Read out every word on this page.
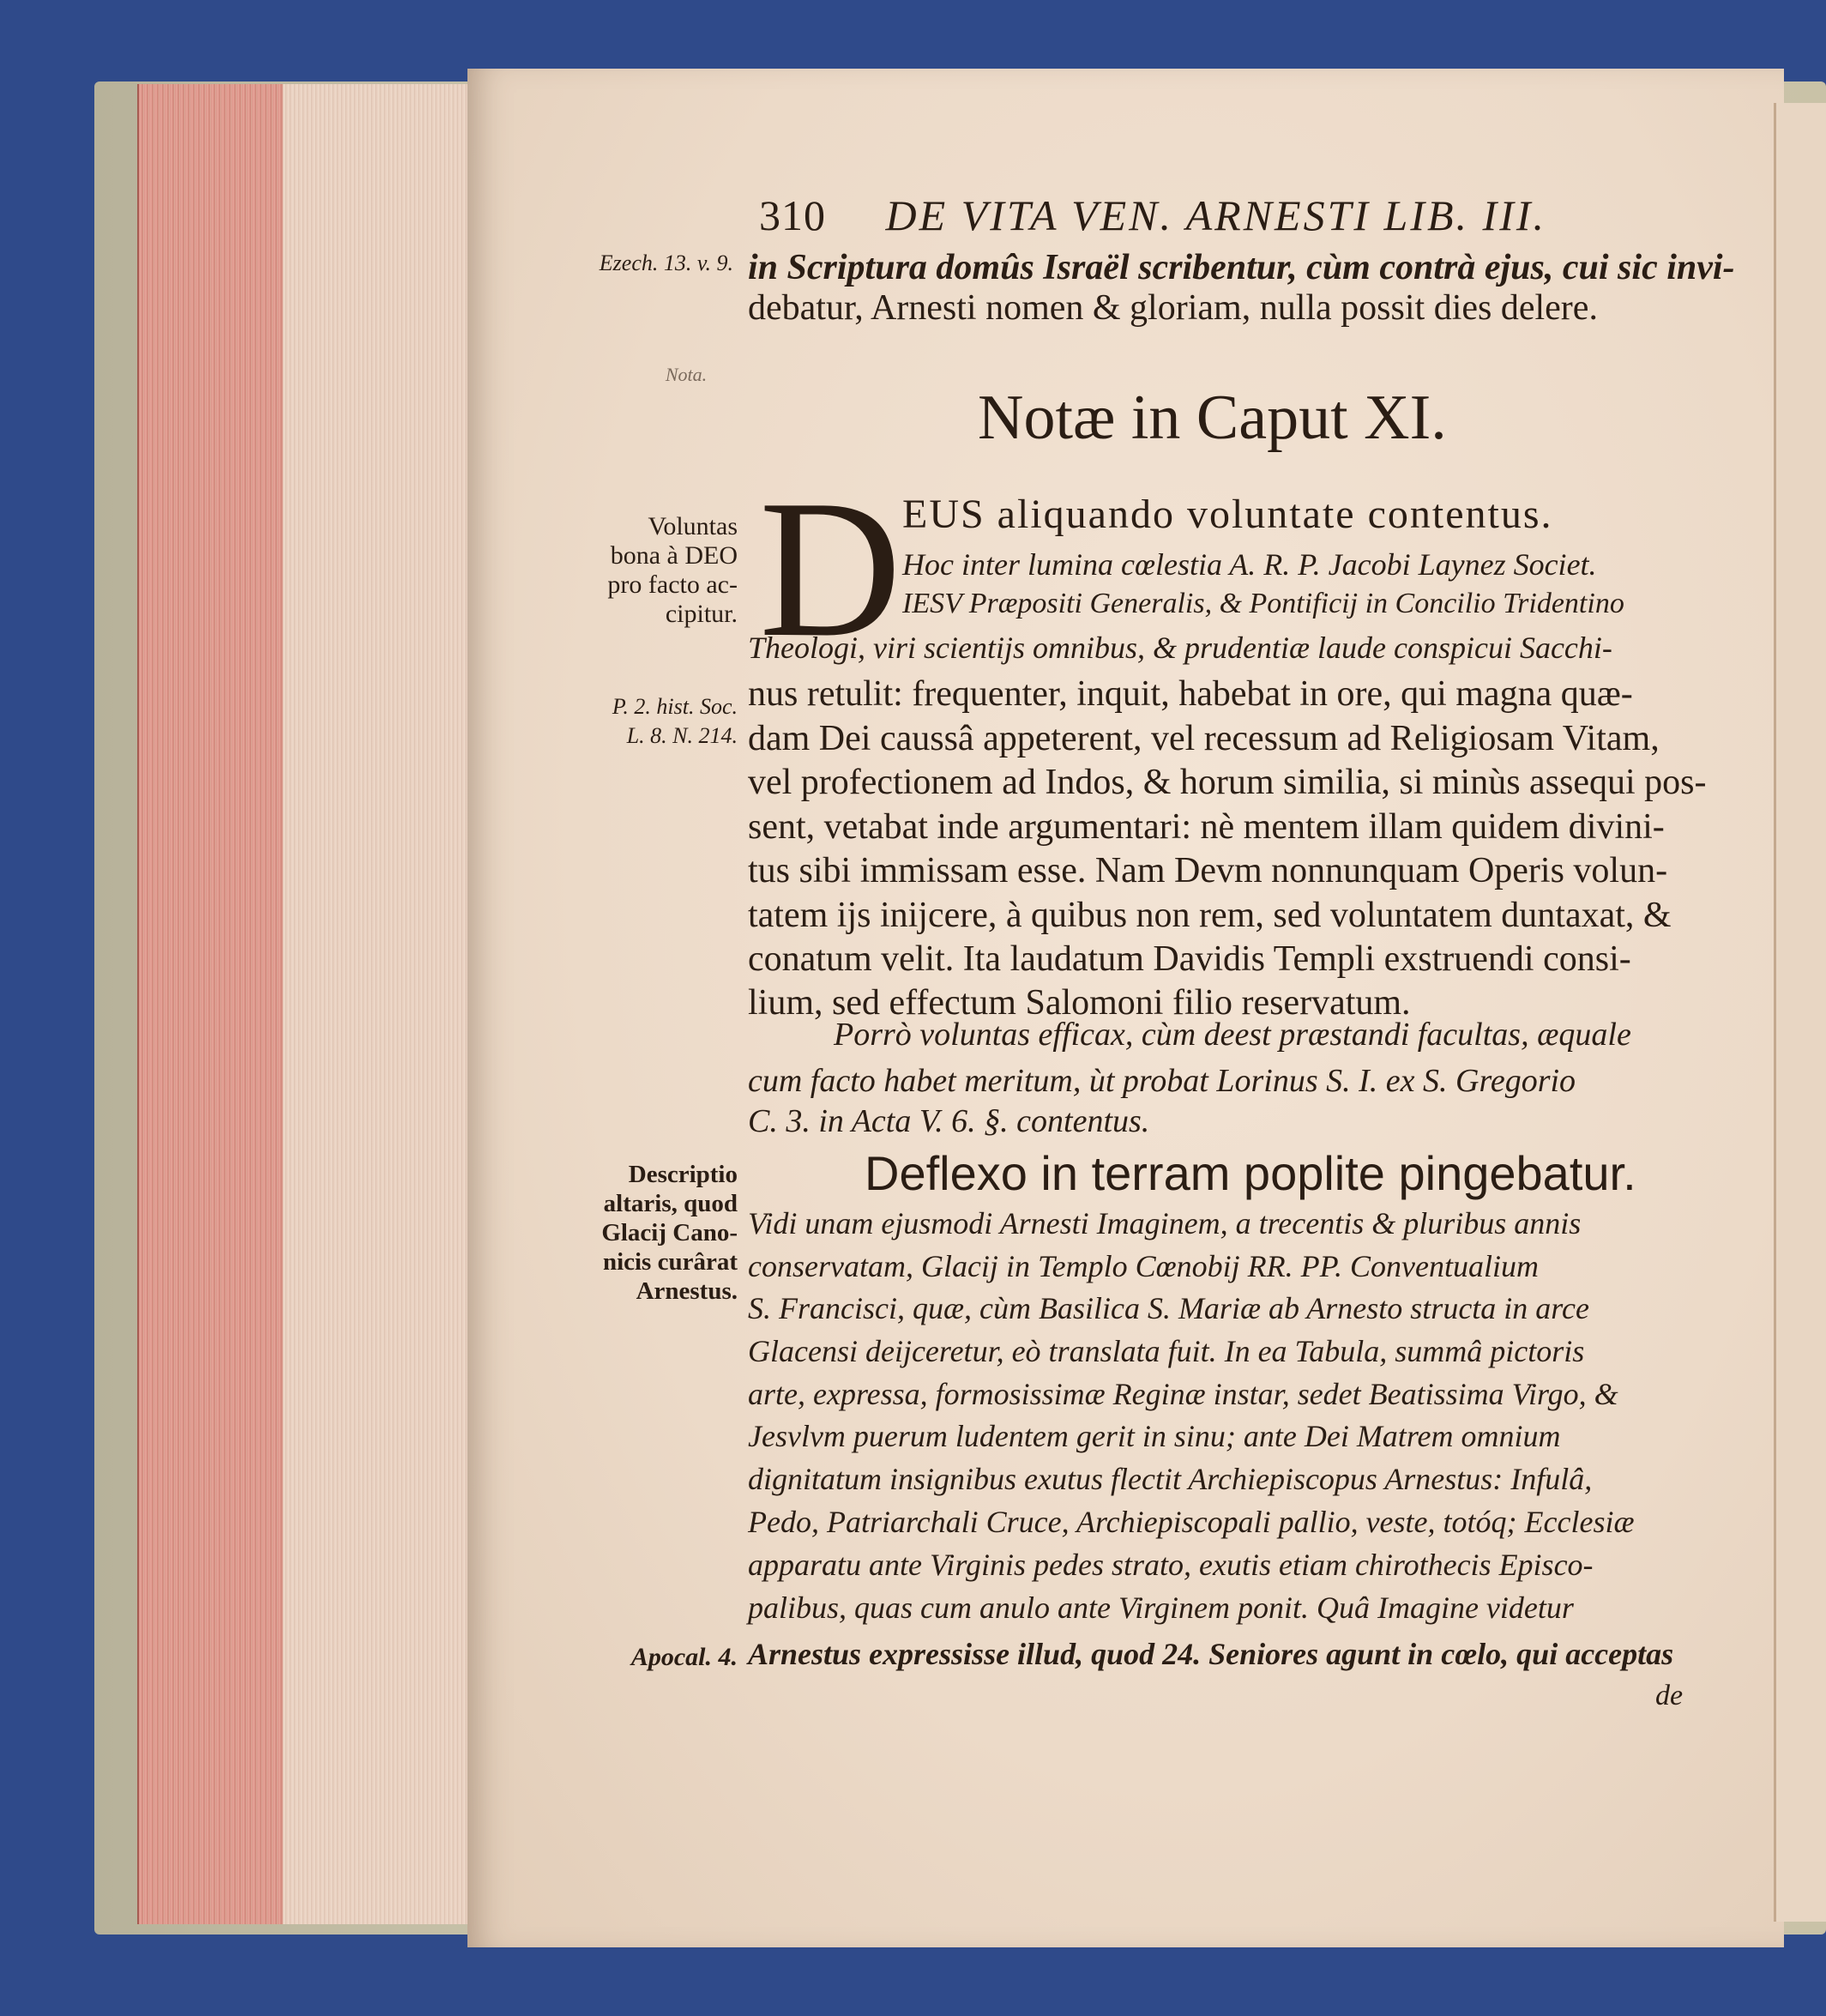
310 DE VITA VEN. ARNESTI LIB. III.
Ezech. 13. v. 9.
Nota.
Voluntas
bona à DEO
pro facto ac-
cipitur.
P. 2. hist. Soc.
L. 8. N. 214.
Descriptio
altaris, quod
Glacij Cano-
nicis curârat
Arnestus.
Apocal. 4.
Notæ in Caput XI.
Deflexo in terram poplite pingebatur.
D
in Scriptura domûs Israël scribentur, cùm contrà ejus, cui sic invi-
debatur, Arnesti nomen & gloriam, nulla possit dies delere.
EUS aliquando voluntate contentus.
Hoc inter lumina cœlestia A. R. P. Jacobi Laynez Societ.
IESV Præpositi Generalis, & Pontificij in Concilio Tridentino
Theologi, viri scientijs omnibus, & prudentiæ laude conspicui Sacchi-
nus retulit: frequenter, inquit, habebat in ore, qui magna quæ-
dam Dei caussâ appeterent, vel recessum ad Religiosam Vitam,
vel profectionem ad Indos, & horum similia, si minùs assequi pos-
sent, vetabat inde argumentari: nè mentem illam quidem divini-
tus sibi immissam esse. Nam Devm nonnunquam Operis volun-
tatem ijs inijcere, à quibus non rem, sed voluntatem duntaxat, &
conatum velit. Ita laudatum Davidis Templi exstruendi consi-
lium, sed effectum Salomoni filio reservatum.
Porrò voluntas efficax, cùm deest præstandi facultas, æquale
cum facto habet meritum, ùt probat Lorinus S. I. ex S. Gregorio
C. 3. in Acta V. 6. §. contentus.
Vidi unam ejusmodi Arnesti Imaginem, a trecentis & pluribus annis
conservatam, Glacij in Templo Cœnobij RR. PP. Conventualium
S. Francisci, quæ, cùm Basilica S. Mariæ ab Arnesto structa in arce
Glacensi deijceretur, eò translata fuit. In ea Tabula, summâ pictoris
arte, expressa, formosissimæ Reginæ instar, sedet Beatissima Virgo, &
Jesvlvm puerum ludentem gerit in sinu; ante Dei Matrem omnium
dignitatum insignibus exutus flectit Archiepiscopus Arnestus: Infulâ,
Pedo, Patriarchali Cruce, Archiepiscopali pallio, veste, totóq; Ecclesiæ
apparatu ante Virginis pedes strato, exutis etiam chirothecis Episco-
palibus, quas cum anulo ante Virginem ponit. Quâ Imagine videtur
Arnestus expressisse illud, quod 24. Seniores agunt in cœlo, qui acceptas
de
